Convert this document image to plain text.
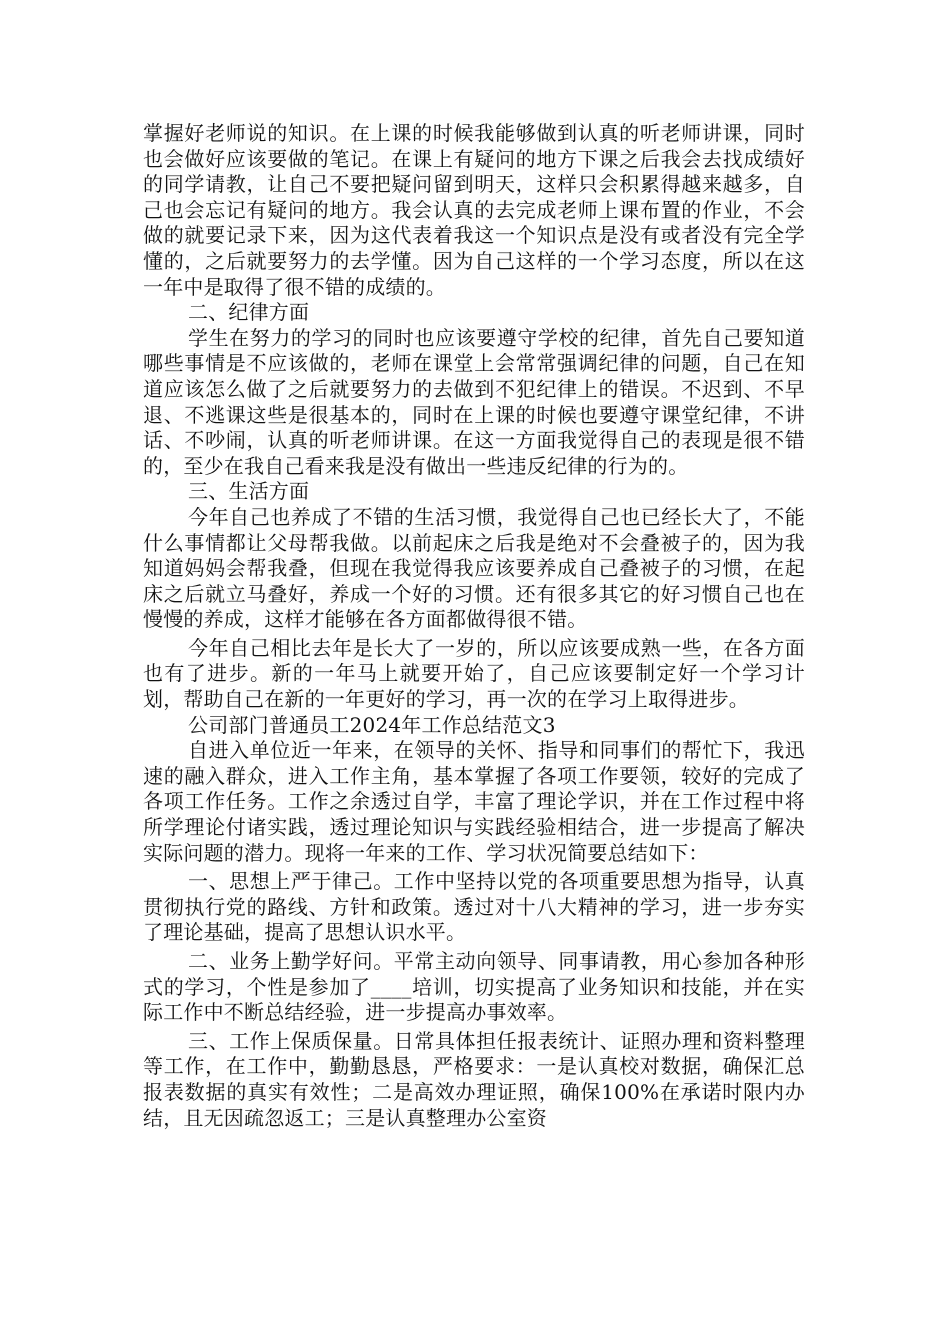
掌握好老师说的知识。在上课的时候我能够做到认真的听老师讲课，同时也会做好应该要做的笔记。在课上有疑问的地方下课之后我会去找成绩好的同学请教，让自己不要把疑问留到明天，这样只会积累得越来越多，自己也会忘记有疑问的地方。我会认真的去完成老师上课布置的作业，不会做的就要记录下来，因为这代表着我这一个知识点是没有或者没有完全学懂的，之后就要努力的去学懂。因为自己这样的一个学习态度，所以在这一年中是取得了很不错的成绩的。

二、纪律方面

学生在努力的学习的同时也应该要遵守学校的纪律，首先自己要知道哪些事情是不应该做的，老师在课堂上会常常强调纪律的问题，自己在知道应该怎么做了之后就要努力的去做到不犯纪律上的错误。不迟到、不早退、不逃课这些是很基本的，同时在上课的时候也要遵守课堂纪律，不讲话、不吵闹，认真的听老师讲课。在这一方面我觉得自己的表现是很不错的，至少在我自己看来我是没有做出一些违反纪律的行为的。

三、生活方面

今年自己也养成了不错的生活习惯，我觉得自己也已经长大了，不能什么事情都让父母帮我做。以前起床之后我是绝对不会叠被子的，因为我知道妈妈会帮我叠，但现在我觉得我应该要养成自己叠被子的习惯，在起床之后就立马叠好，养成一个好的习惯。还有很多其它的好习惯自己也在慢慢的养成，这样才能够在各方面都做得很不错。

今年自己相比去年是长大了一岁的，所以应该要成熟一些，在各方面也有了进步。新的一年马上就要开始了，自己应该要制定好一个学习计划，帮助自己在新的一年更好的学习，再一次的在学习上取得进步。

公司部门普通员工2024年工作总结范文3

自进入单位近一年来，在领导的关怀、指导和同事们的帮忙下，我迅速的融入群众，进入工作主角，基本掌握了各项工作要领，较好的完成了各项工作任务。工作之余透过自学，丰富了理论学识，并在工作过程中将所学理论付诸实践，透过理论知识与实践经验相结合，进一步提高了解决实际问题的潜力。现将一年来的工作、学习状况简要总结如下：

一、思想上严于律己。工作中坚持以党的各项重要思想为指导，认真贯彻执行党的路线、方针和政策。透过对十八大精神的学习，进一步夯实了理论基础，提高了思想认识水平。

二、业务上勤学好问。平常主动向领导、同事请教，用心参加各种形式的学习，个性是参加了____培训，切实提高了业务知识和技能，并在实际工作中不断总结经验，进一步提高办事效率。

三、工作上保质保量。日常具体担任报表统计、证照办理和资料整理等工作，在工作中，勤勤恳恳，严格要求：一是认真校对数据，确保汇总报表数据的真实有效性；二是高效办理证照，确保100%在承诺时限内办结，且无因疏忽返工；三是认真整理办公室资
